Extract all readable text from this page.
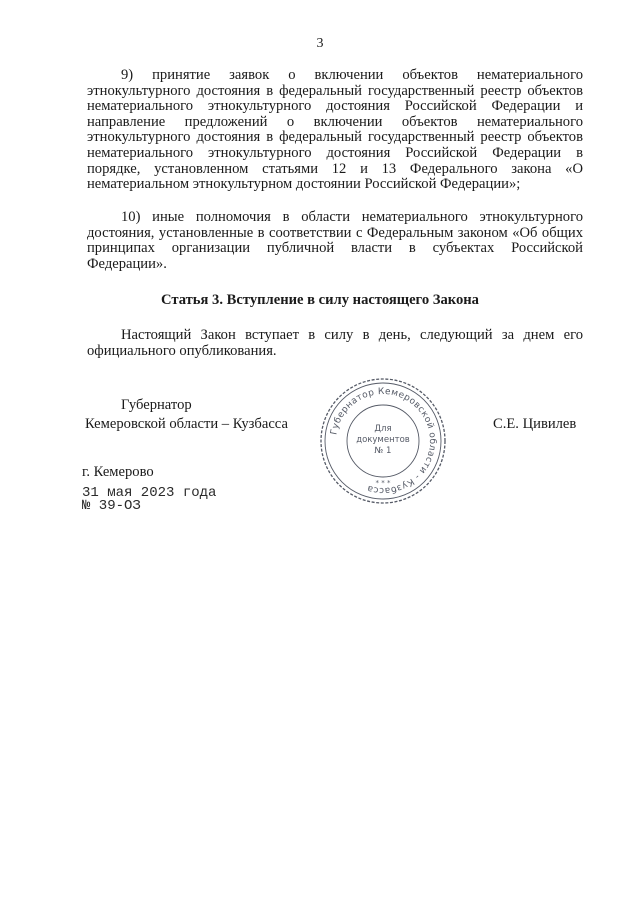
3
9) принятие заявок о включении объектов нематериального этнокультурного достояния в федеральный государственный реестр объектов нематериального этнокультурного достояния Российской Федерации и направление предложений о включении объектов нематериального этнокультурного достояния в федеральный государственный реестр объектов нематериального этнокультурного достояния Российской Федерации в порядке, установленном статьями 12 и 13 Федерального закона «О нематериальном этнокультурном достоянии Российской Федерации»;
10) иные полномочия в области нематериального этнокультурного достояния, установленные в соответствии с Федеральным законом «Об общих принципах организации публичной власти в субъектах Российской Федерации».
Статья 3. Вступление в силу настоящего Закона
Настоящий Закон вступает в силу в день, следующий за днем его официального опубликования.
Губернатор
Кемеровской области – Кузбасса	С.Е. Цивилев
Губернатор Кемеровской области - Кузбасса
Для
документов
№ 1
* * *
г. Кемерово
31 мая 2023 года
№ 39-ОЗ
